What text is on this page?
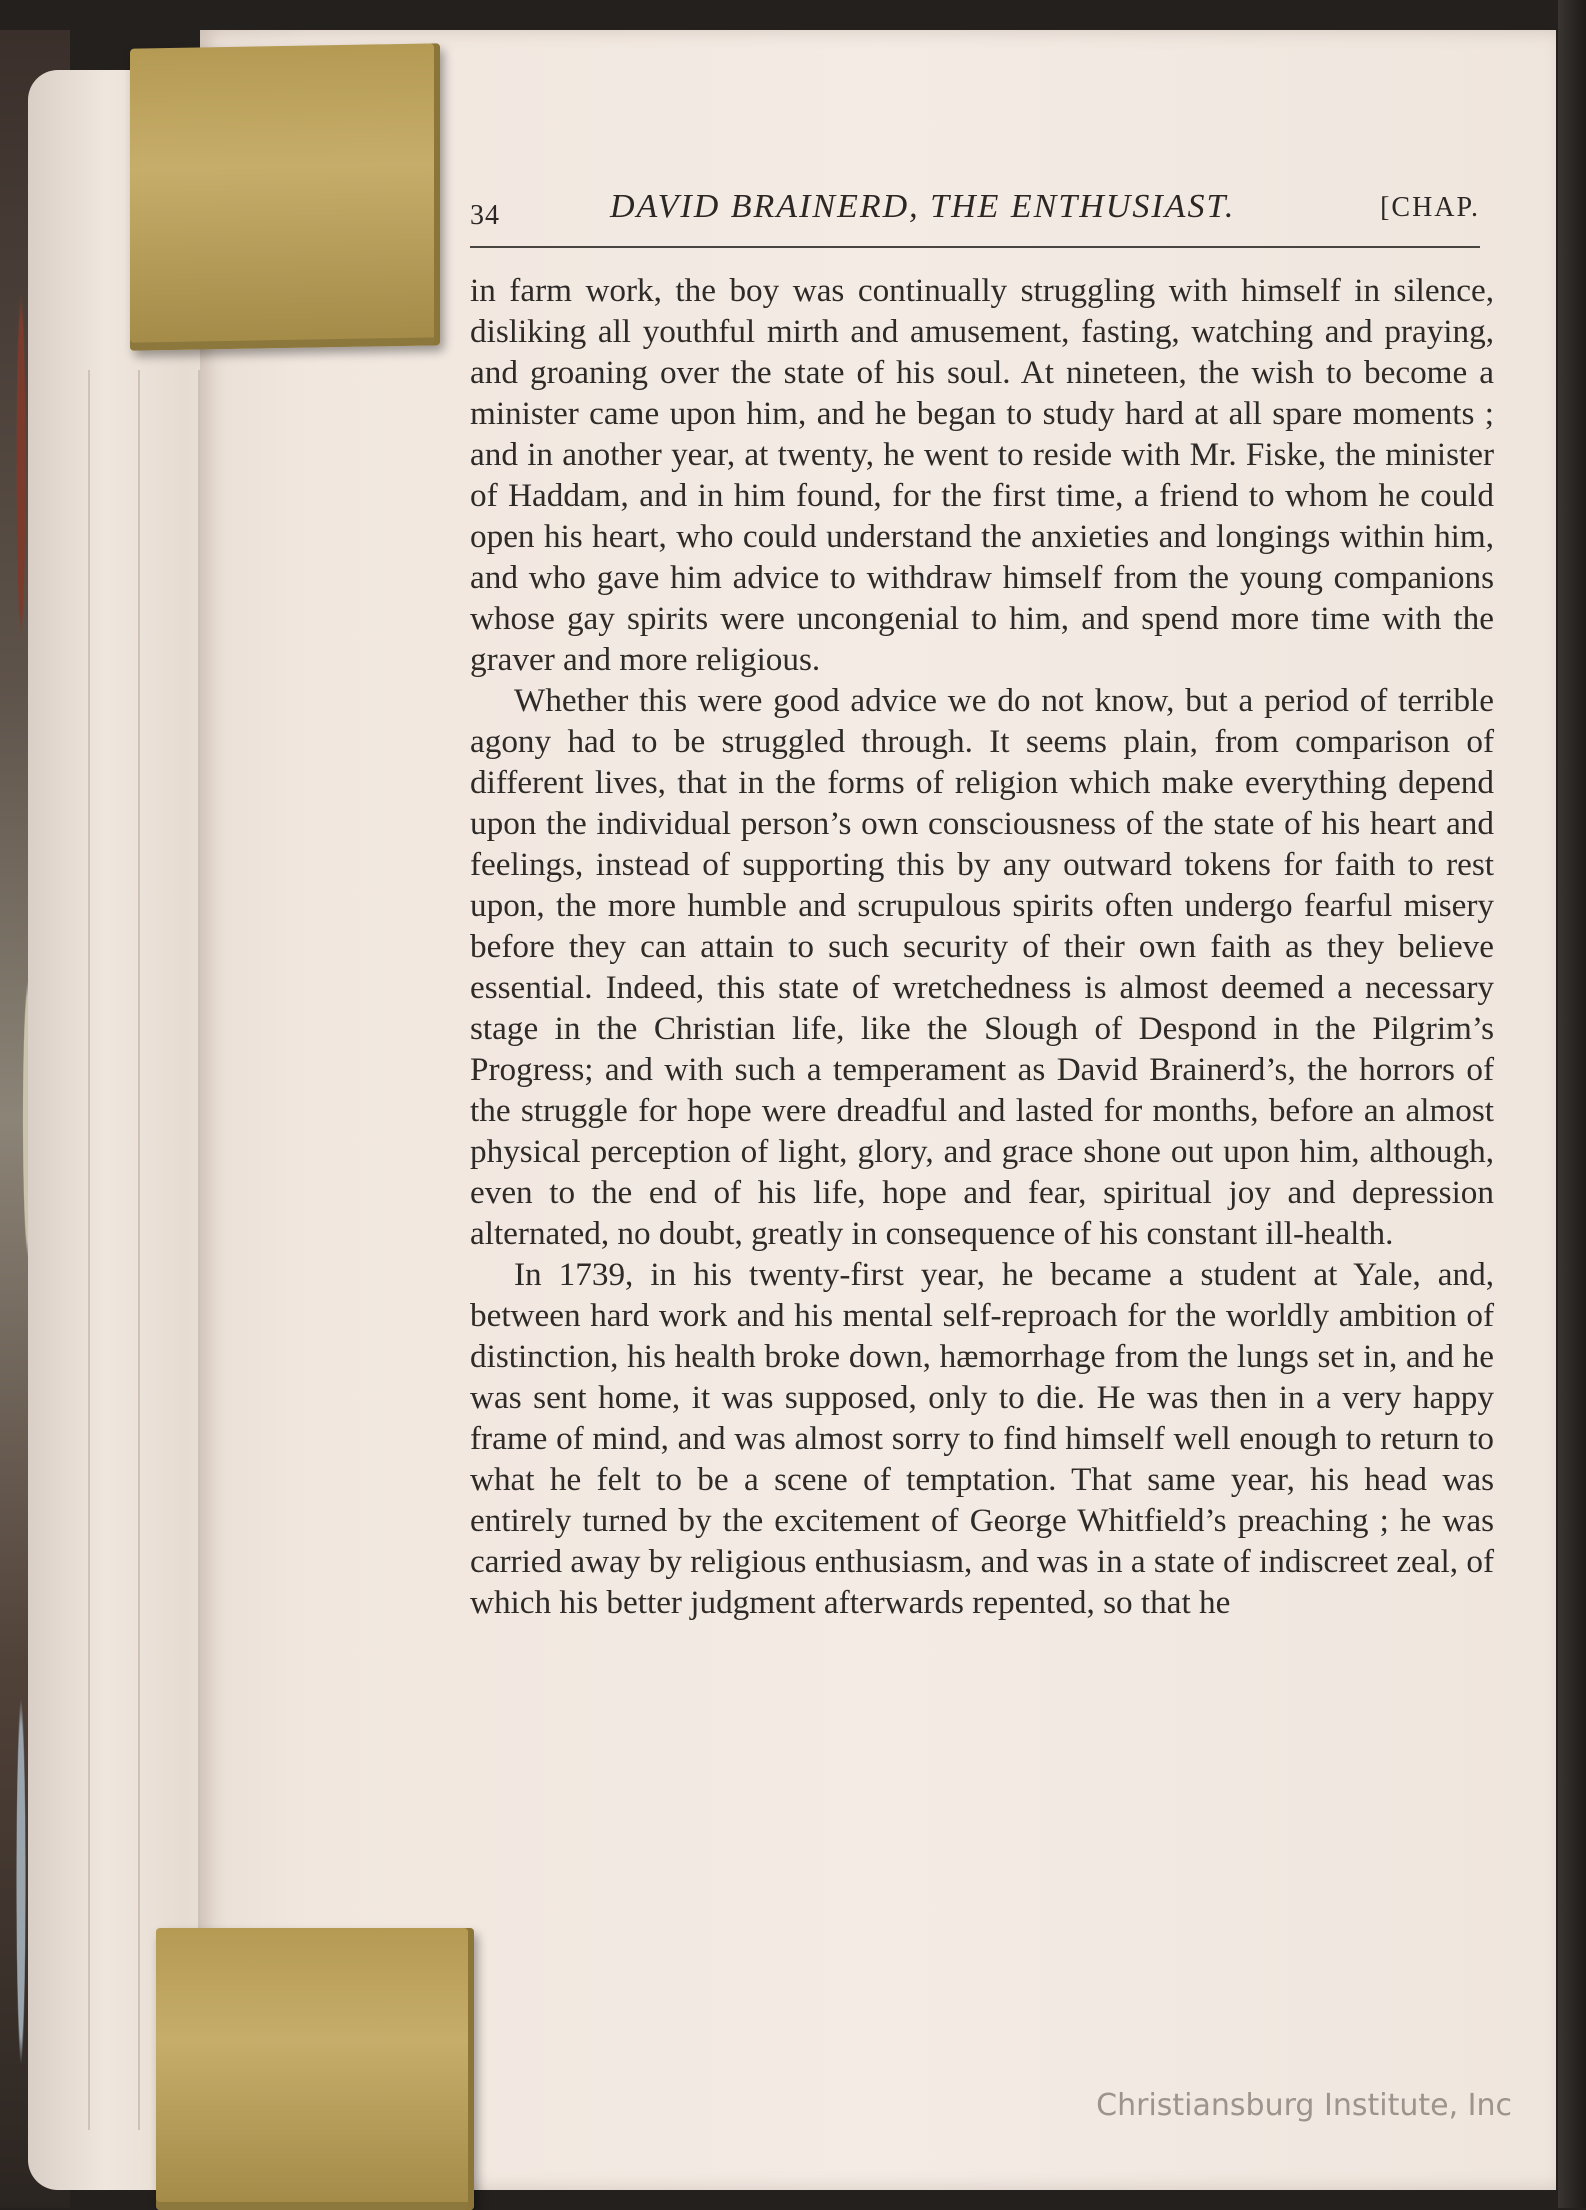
34	DAVID BRAINERD, THE ENTHUSIAST.	[CHAP.

in farm work, the boy was continually struggling with himself in silence, disliking all youthful mirth and amusement, fasting, watching and praying, and groaning over the state of his soul. At nineteen, the wish to become a minister came upon him, and he began to study hard at all spare moments ; and in another year, at twenty, he went to reside with Mr. Fiske, the minister of Haddam, and in him found, for the first time, a friend to whom he could open his heart, who could understand the anxieties and longings within him, and who gave him advice to withdraw himself from the young companions whose gay spirits were uncongenial to him, and spend more time with the graver and more religious.

Whether this were good advice we do not know, but a period of terrible agony had to be struggled through. It seems plain, from comparison of different lives, that in the forms of religion which make everything depend upon the individual person’s own consciousness of the state of his heart and feelings, instead of supporting this by any outward tokens for faith to rest upon, the more humble and scrupulous spirits often undergo fearful misery before they can attain to such security of their own faith as they believe essential. Indeed, this state of wretchedness is almost deemed a necessary stage in the Christian life, like the Slough of Despond in the Pilgrim’s Progress; and with such a temperament as David Brainerd’s, the horrors of the struggle for hope were dreadful and lasted for months, before an almost physical perception of light, glory, and grace shone out upon him, although, even to the end of his life, hope and fear, spiritual joy and depression alternated, no doubt, greatly in consequence of his constant ill-health.

In 1739, in his twenty-first year, he became a student at Yale, and, between hard work and his mental self-reproach for the worldly ambition of distinction, his health broke down, hæmorrhage from the lungs set in, and he was sent home, it was supposed, only to die. He was then in a very happy frame of mind, and was almost sorry to find himself well enough to return to what he felt to be a scene of temptation. That same year, his head was entirely turned by the excitement of George Whitfield’s preaching ; he was carried away by religious enthusiasm, and was in a state of indiscreet zeal, of which his better judgment afterwards repented, so that he

Christiansburg Institute, Inc
